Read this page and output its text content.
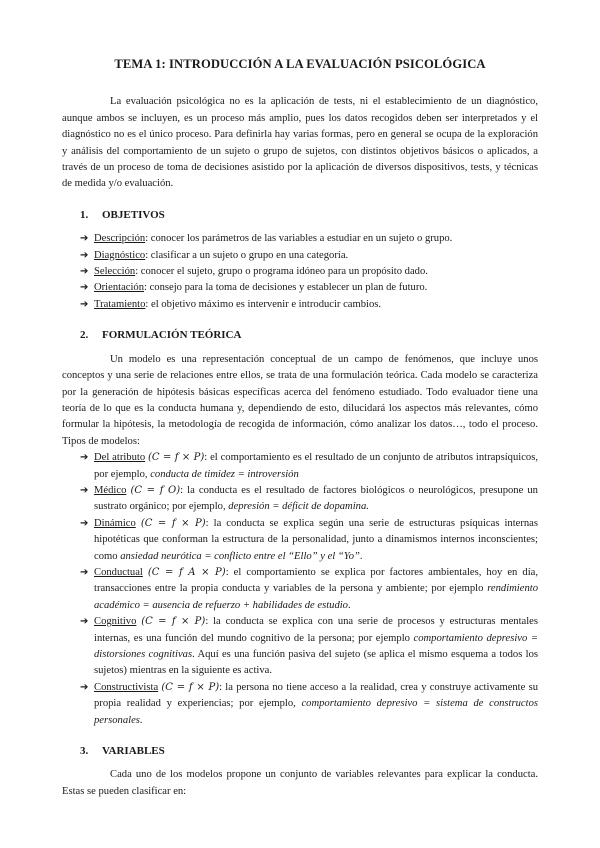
TEMA 1: INTRODUCCIÓN A LA EVALUACIÓN PSICOLÓGICA

La evaluación psicológica no es la aplicación de tests, ni el establecimiento de un diagnóstico, aunque ambos se incluyen, es un proceso más amplio, pues los datos recogidos deben ser interpretados y el diagnóstico no es el único proceso. Para definirla hay varias formas, pero en general se ocupa de la exploración y análisis del comportamiento de un sujeto o grupo de sujetos, con distintos objetivos básicos o aplicados, a través de un proceso de toma de decisiones asistido por la aplicación de diversos dispositivos, tests, y técnicas de medida y/o evaluación.

1. OBJETIVOS
➔ Descripción: conocer los parámetros de las variables a estudiar en un sujeto o grupo.
➔ Diagnóstico: clasificar a un sujeto o grupo en una categoría.
➔ Selección: conocer el sujeto, grupo o programa idóneo para un propósito dado.
➔ Orientación: consejo para la toma de decisiones y establecer un plan de futuro.
➔ Tratamiento: el objetivo máximo es intervenir e introducir cambios.
2. FORMULACIÓN TEÓRICA

Un modelo es una representación conceptual de un campo de fenómenos, que incluye unos conceptos y una serie de relaciones entre ellos, se trata de una formulación teórica. Cada modelo se caracteriza por la generación de hipótesis básicas específicas acerca del fenómeno estudiado. Todo evaluador tiene una teoría de lo que es la conducta humana y, dependiendo de esto, dilucidará los aspectos más relevantes, cómo formular la hipótesis, la metodología de recogida de información, cómo analizar los datos…, todo el proceso. Tipos de modelos:

➔ Del atributo (C = f × P): el comportamiento es el resultado de un conjunto de atributos intrapsíquicos, por ejemplo, conducta de timidez = introversión
➔ Médico (C = f O): la conducta es el resultado de factores biológicos o neurológicos, presupone un sustrato orgánico; por ejemplo, depresión = déficit de dopamina.
➔ Dinámico (C = f × P): la conducta se explica según una serie de estructuras psíquicas internas hipotéticas que conforman la estructura de la personalidad, junto a dinamismos internos inconscientes; como ansiedad neurótica = conflicto entre el “Ello” y el “Yo”.
➔ Conductual (C = f A × P): el comportamiento se explica por factores ambientales, hoy en día, transacciones entre la propia conducta y variables de la persona y ambiente; por ejemplo rendimiento académico = ausencia de refuerzo + habilidades de estudio.
➔ Cognitivo (C = f × P): la conducta se explica con una serie de procesos y estructuras mentales internas, es una función del mundo cognitivo de la persona; por ejemplo comportamiento depresivo = distorsiones cognitivas. Aquí es una función pasiva del sujeto (se aplica el mismo esquema a todos los sujetos) mientras en la siguiente es activa.
➔ Constructivista (C = f × P): la persona no tiene acceso a la realidad, crea y construye activamente su propia realidad y experiencias; por ejemplo, comportamiento depresivo = sistema de constructos personales.
3. VARIABLES

Cada uno de los modelos propone un conjunto de variables relevantes para explicar la conducta. Estas se pueden clasificar en:
